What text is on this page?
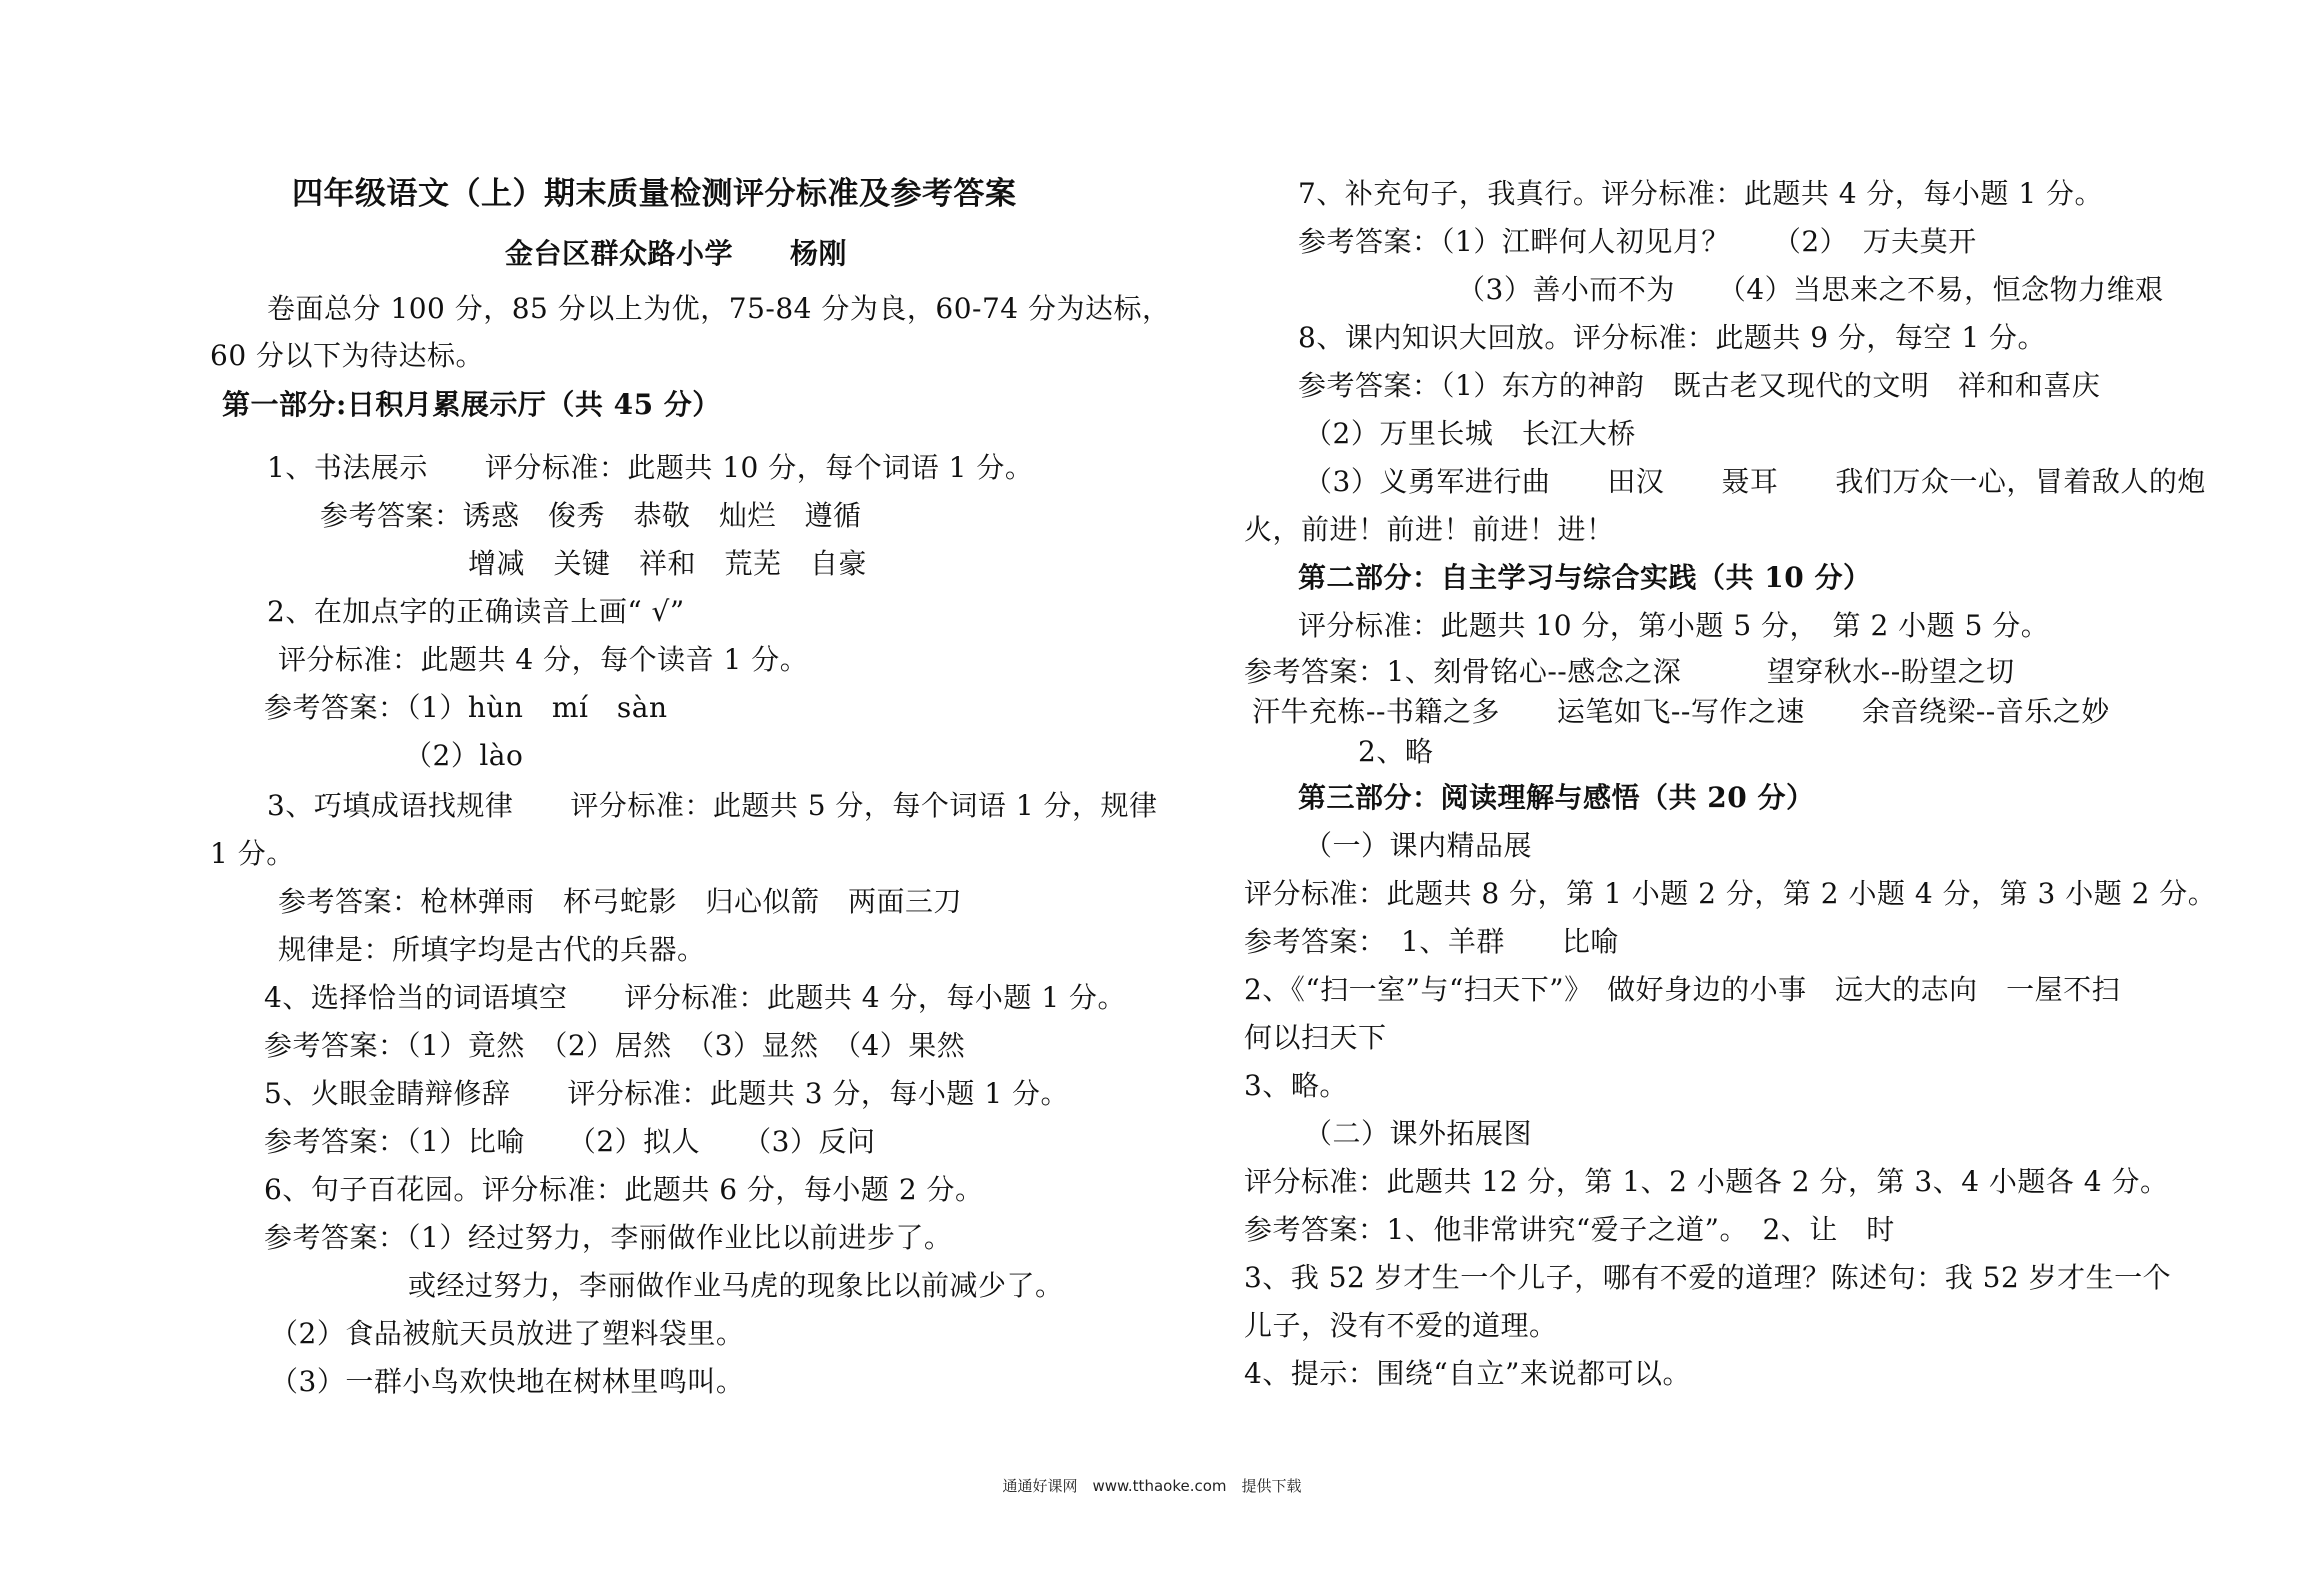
四年级语文（上）期末质量检测评分标准及参考答案
金台区群众路小学　　杨刚
　　卷面总分 100 分，85 分以上为优，75-84 分为良，60-74 分为达标，
60 分以下为待达标。
第一部分:日积月累展示厅（共 45 分）
　　1、书法展示　　评分标准：此题共 10 分，每个词语 1 分。
参考答案：诱惑　俊秀　恭敬　灿烂　遵循
增减　关键　祥和　荒芜　自豪
　　2、在加点字的正确读音上画“ √”
评分标准：此题共 4 分，每个读音 1 分。
参考答案：（1）hùn　mí　sàn
（2）lào
　　3、巧填成语找规律　　评分标准：此题共 5 分，每个词语 1 分，规律
1 分。
参考答案：枪林弹雨　杯弓蛇影　归心似箭　两面三刀
规律是：所填字均是古代的兵器。
4、选择恰当的词语填空　　评分标准：此题共 4 分，每小题 1 分。
参考答案：（1）竟然　（2）居然　（3）显然　（4）果然
5、火眼金睛辩修辞　　评分标准：此题共 3 分，每小题 1 分。
参考答案：（1）比喻　　（2）拟人　　（3）反问
6、句子百花园。评分标准：此题共 6 分，每小题 2 分。
参考答案：（1）经过努力，李丽做作业比以前进步了。
或经过努力，李丽做作业马虎的现象比以前减少了。
（2）食品被航天员放进了塑料袋里。
（3）一群小鸟欢快地在树林里鸣叫。
7、补充句子，我真行。评分标准：此题共 4 分，每小题 1 分。
参考答案：（1）江畔何人初见月？　　（2）　万夫莫开
（3）善小而不为　　（4）当思来之不易，恒念物力维艰
8、课内知识大回放。评分标准：此题共 9 分，每空 1 分。
参考答案：（1）东方的神韵　既古老又现代的文明　祥和和喜庆
（2）万里长城　长江大桥
（3）义勇军进行曲　　田汉　　聂耳　　我们万众一心，冒着敌人的炮
火，前进！前进！前进！进！
第二部分：自主学习与综合实践（共 10 分）
评分标准：此题共 10 分，第小题 5 分，　第 2 小题 5 分。
参考答案：1、刻骨铭心--感念之深　　　望穿秋水--盼望之切
汗牛充栋--书籍之多　　运笔如飞--写作之速　　余音绕梁--音乐之妙
2、略
第三部分：阅读理解与感悟（共 20 分）
（一）课内精品展
评分标准：此题共 8 分，第 1 小题 2 分，第 2 小题 4 分，第 3 小题 2 分。
参考答案：　1、羊群　　比喻
2、《“扫一室”与“扫天下”》　做好身边的小事　远大的志向　一屋不扫
何以扫天下
3、略。
（二）课外拓展图
评分标准：此题共 12 分，第 1、2 小题各 2 分，第 3、4 小题各 4 分。
参考答案：1、他非常讲究“爱子之道”。　2、让　时
3、我 52 岁才生一个儿子，哪有不爱的道理？陈述句：我 52 岁才生一个
儿子，没有不爱的道理。
4、提示：围绕“自立”来说都可以。
通通好课网　www.tthaoke.com　提供下载
